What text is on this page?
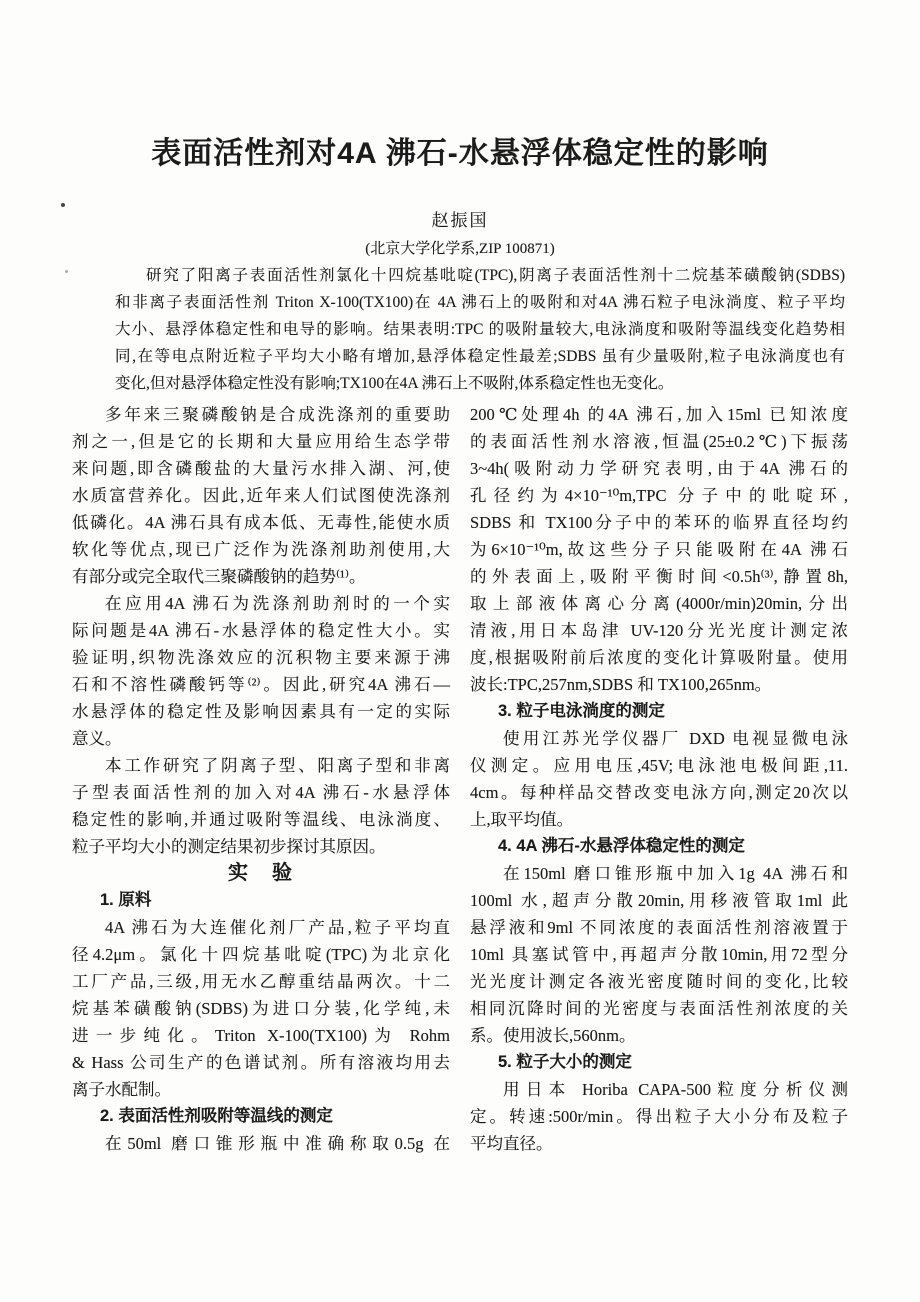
表面活性剂对4A 沸石-水悬浮体稳定性的影响
赵振国
(北京大学化学系,ZIP 100871)
研究了阳离子表面活性剂氯化十四烷基吡啶(TPC),阴离子表面活性剂十二烷基苯磺酸钠(SDBS)
和非离子表面活性剂 Triton X-100(TX100)在 4A 沸石上的吸附和对4A 沸石粒子电泳淌度、粒子平均
大小、悬浮体稳定性和电导的影响。结果表明:TPC 的吸附量较大,电泳淌度和吸附等温线变化趋势相
同,在等电点附近粒子平均大小略有增加,悬浮体稳定性最差;SDBS 虽有少量吸附,粒子电泳淌度也有
变化,但对悬浮体稳定性没有影响;TX100在4A 沸石上不吸附,体系稳定性也无变化。
多年来三聚磷酸钠是合成洗涤剂的重要助
剂之一,但是它的长期和大量应用给生态学带
来问题,即含磷酸盐的大量污水排入湖、河,使
水质富营养化。因此,近年来人们试图使洗涤剂
低磷化。4A 沸石具有成本低、无毒性,能使水质
软化等优点,现已广泛作为洗涤剂助剂使用,大
有部分或完全取代三聚磷酸钠的趋势⁽¹⁾。
在应用4A 沸石为洗涤剂助剂时的一个实
际问题是4A 沸石-水悬浮体的稳定性大小。实
验证明,织物洗涤效应的沉积物主要来源于沸
石和不溶性磷酸钙等⁽²⁾。因此,研究4A 沸石—
水悬浮体的稳定性及影响因素具有一定的实际
意义。
本工作研究了阴离子型、阳离子型和非离
子型表面活性剂的加入对4A 沸石-水悬浮体
稳定性的影响,并通过吸附等温线、电泳淌度、
粒子平均大小的测定结果初步探讨其原因。
实　验
1. 原料
4A 沸石为大连催化剂厂产品,粒子平均直
径4.2μm。氯化十四烷基吡啶(TPC)为北京化
工厂产品,三级,用无水乙醇重结晶两次。十二
烷基苯磺酸钠(SDBS)为进口分装,化学纯,未
进一步纯化。Triton X-100(TX100)为 Rohm
& Hass 公司生产的色谱试剂。所有溶液均用去
离子水配制。
2. 表面活性剂吸附等温线的测定
在50ml 磨口锥形瓶中准确称取0.5g 在
200℃处理4h 的4A 沸石,加入15ml 已知浓度
的表面活性剂水溶液,恒温(25±0.2℃)下振荡
3~4h(吸附动力学研究表明,由于4A 沸石的
孔径约为4×10⁻¹⁰m,TPC 分子中的吡啶环,
SDBS 和 TX100分子中的苯环的临界直径均约
为6×10⁻¹⁰m,故这些分子只能吸附在4A 沸石
的外表面上,吸附平衡时间<0.5h⁽³⁾,静置8h,
取上部液体离心分离(4000r/min)20min,分出
清液,用日本岛津 UV-120分光光度计测定浓
度,根据吸附前后浓度的变化计算吸附量。使用
波长:TPC,257nm,SDBS 和 TX100,265nm。
3. 粒子电泳淌度的测定
使用江苏光学仪器厂 DXD 电视显微电泳
仪测定。应用电压,45V;电泳池电极间距,11.
4cm。每种样品交替改变电泳方向,测定20次以
上,取平均值。
4. 4A 沸石-水悬浮体稳定性的测定
在150ml 磨口锥形瓶中加入1g 4A 沸石和
100ml 水,超声分散20min,用移液管取1ml 此
悬浮液和9ml 不同浓度的表面活性剂溶液置于
10ml 具塞试管中,再超声分散10min,用72型分
光光度计测定各液光密度随时间的变化,比较
相同沉降时间的光密度与表面活性剂浓度的关
系。使用波长,560nm。
5. 粒子大小的测定
用日本 Horiba CAPA-500粒度分析仪测
定。转速:500r/min。得出粒子大小分布及粒子
平均直径。
